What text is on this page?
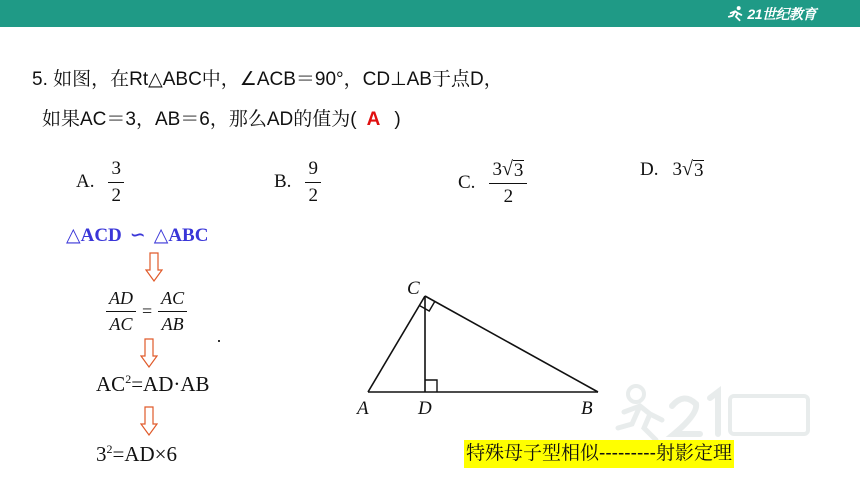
21世纪教育
5. 如图，在Rt△ABC中，∠ACB＝90°，CD⊥AB于点D，
如果AC＝3，AB＝6，那么AD的值为( A )
A. $\frac{3}{2}$	B. $\frac{9}{2}$	C. $\frac{3 √ 3}{2}$	D. 3 √ 3
△ACD ∽ △ABC
$\frac{AD}{AC} = \frac{AC}{AB}$
$AC^2=AD\cdot AB$
$3^2=AD\times 6$
A	D	B
C
特殊母子型相似---------射影定理
